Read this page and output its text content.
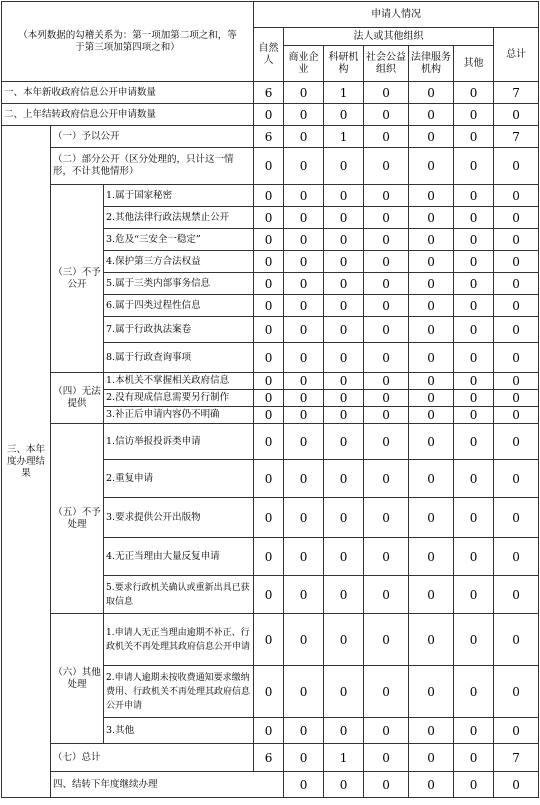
（本列数据的勾稽关系为：第一项加第二项之和，等
于第三项加第四项之和）			申请人情况							
			自然人	法人或其他组织					总计	
				商业企业	科研机构	社会公益组织	法律服务机构	其他		
一、本年新收政府信息公开申请数量			6	0	1	0	0	0	7	
二、上年结转政府信息公开申请数量			0	0	0	0	0	0	0	
三、本年度办理结果	（一）予以公开		6	0	1	0	0	0	7	
	（二）部分公开（区分处理的，只计这一情形，不计其他情形）		0	0	0	0	0	0	0	
	（三）不予公开	1.属于国家秘密	0	0	0	0	0	0	0	
		2.其他法律行政法规禁止公开	0	0	0	0	0	0	0	
		3.危及“三安全一稳定”	0	0	0	0	0	0	0	
		4.保护第三方合法权益	0	0	0	0	0	0	0	
		5.属于三类内部事务信息	0	0	0	0	0	0	0	
		6.属于四类过程性信息	0	0	0	0	0	0	0	
		7.属于行政执法案卷	0	0	0	0	0	0	0	
		8.属于行政查询事项	0	0	0	0	0	0	0	
	（四）无法提供	1.本机关不掌握相关政府信息	0	0	0	0	0	0	0	
		2.没有现成信息需要另行制作	0	0	0	0	0	0	0	
		3.补正后申请内容仍不明确	0	0	0	0	0	0	0	
	（五）不予处理	1.信访举报投诉类申请	0	0	0	0	0	0	0	
		2.重复申请	0	0	0	0	0	0	0	
		3.要求提供公开出版物	0	0	0	0	0	0	0	
		4.无正当理由大量反复申请	0	0	0	0	0	0	0	
		5.要求行政机关确认或重新出具已获取信息	0	0	0	0	0	0	0	
	（六）其他处理	1.申请人无正当理由逾期不补正、行政机关不再处理其政府信息公开申请	0	0	0	0	0	0	0	
		2.申请人逾期未按收费通知要求缴纳费用、行政机关不再处理其政府信息公开申请	0	0	0	0	0	0	0	
		3.其他	0	0	0	0	0	0	0	
	（七）总计		6	0	1	0	0	0	7	
	四、结转下年度继续办理			0	0	0	0	0	0	
